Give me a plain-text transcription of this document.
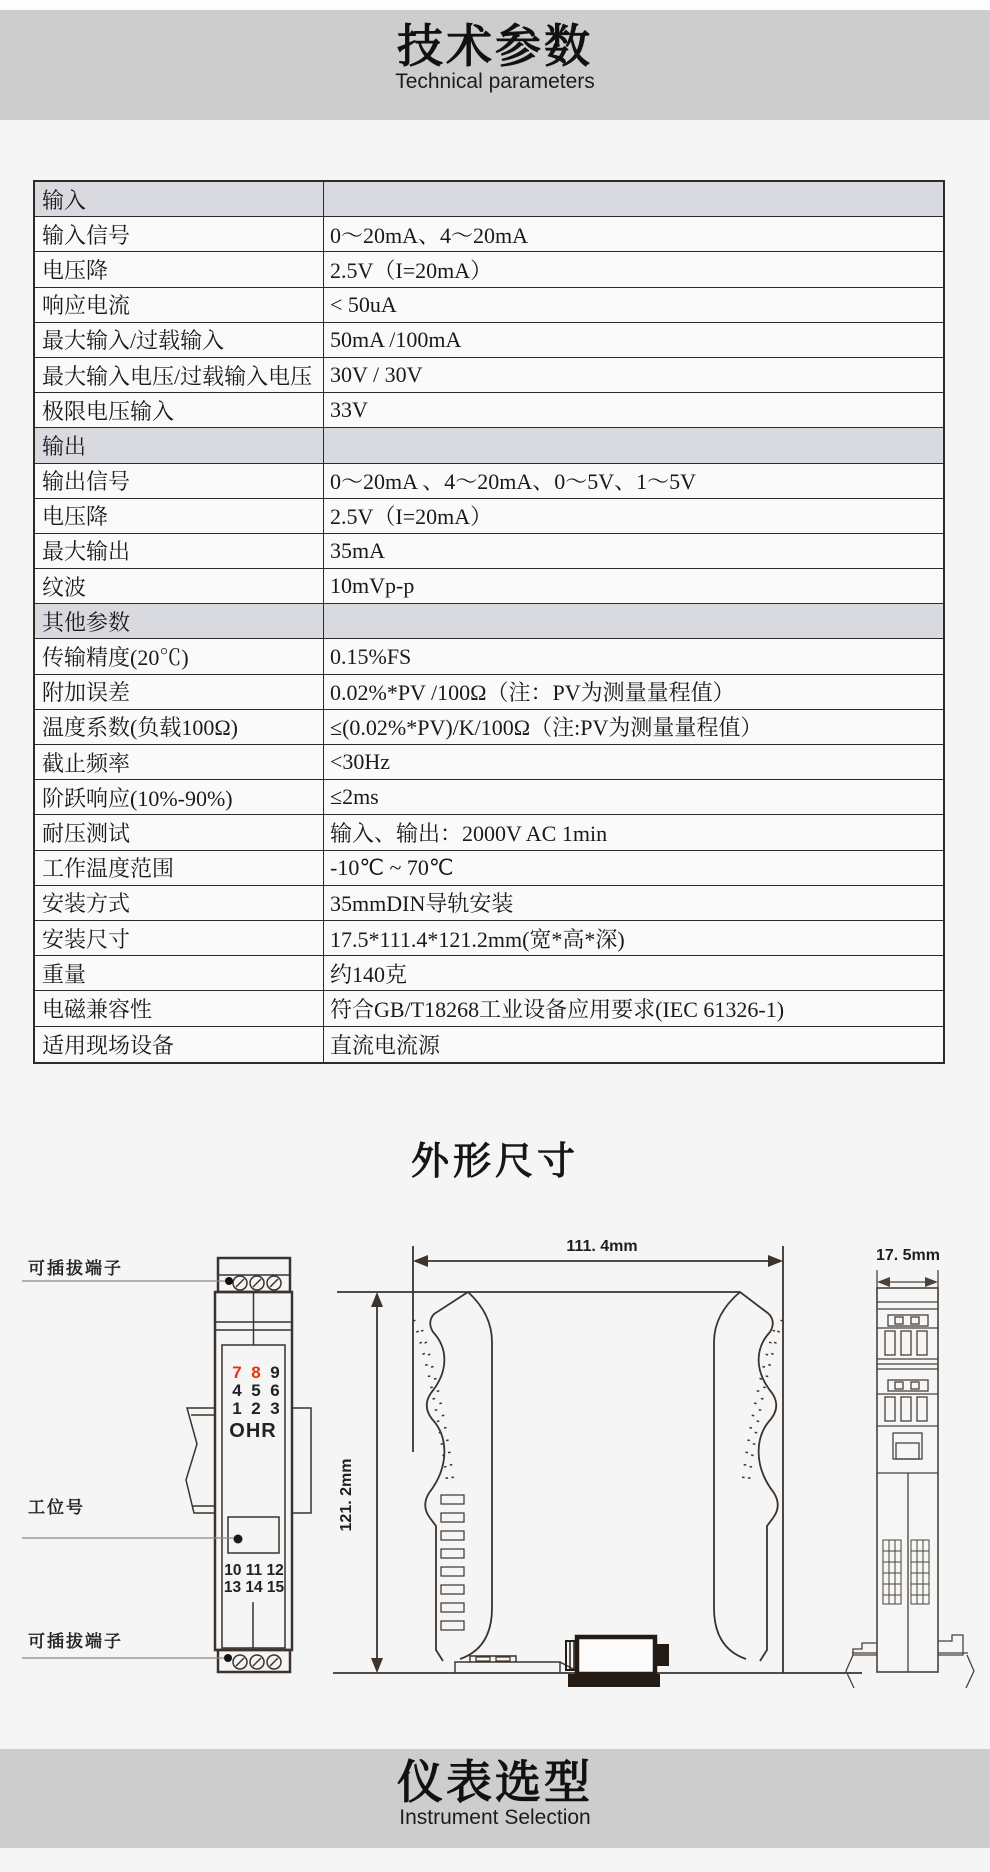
技术参数
Technical parameters
输入
输入信号	0～20mA、4～20mA
电压降	2.5V（I=20mA）
响应电流	< 50uA
最大输入/过载输入	50mA /100mA
最大输入电压/过载输入电压 30V / 30V
极限电压输入	33V
输出
输出信号	0～20mA 、4～20mA、0～5V、1～5V
电压降	2.5V（I=20mA）
最大输出	35mA
纹波	10mVp-p
其他参数
传输精度(20℃)	0.15%FS
附加误差	0.02%*PV /100Ω（注：PV为测量量程值）
温度系数(负载100Ω)	≤(0.02%*PV)/K/100Ω（注:PV为测量量程值）
截止频率	<30Hz
阶跃响应(10%-90%)	≤2ms
耐压测试	输入、输出：2000V AC 1min
工作温度范围	-10℃ ~ 70℃
安装方式	35mmDIN导轨安装
安装尺寸	17.5*111.4*121.2mm(宽*高*深)
重量	约140克
电磁兼容性	符合GB/T18268工业设备应用要求(IEC 61326-1)
适用现场设备	直流电流源
外形尺寸
可插拔端子
工位号
可插拔端子
7 8 9
4 5 6
1 2 3
OHR
10 11 12
13 14 15
111. 4mm
121. 2mm
17. 5mm
仪表选型
Instrument Selection
